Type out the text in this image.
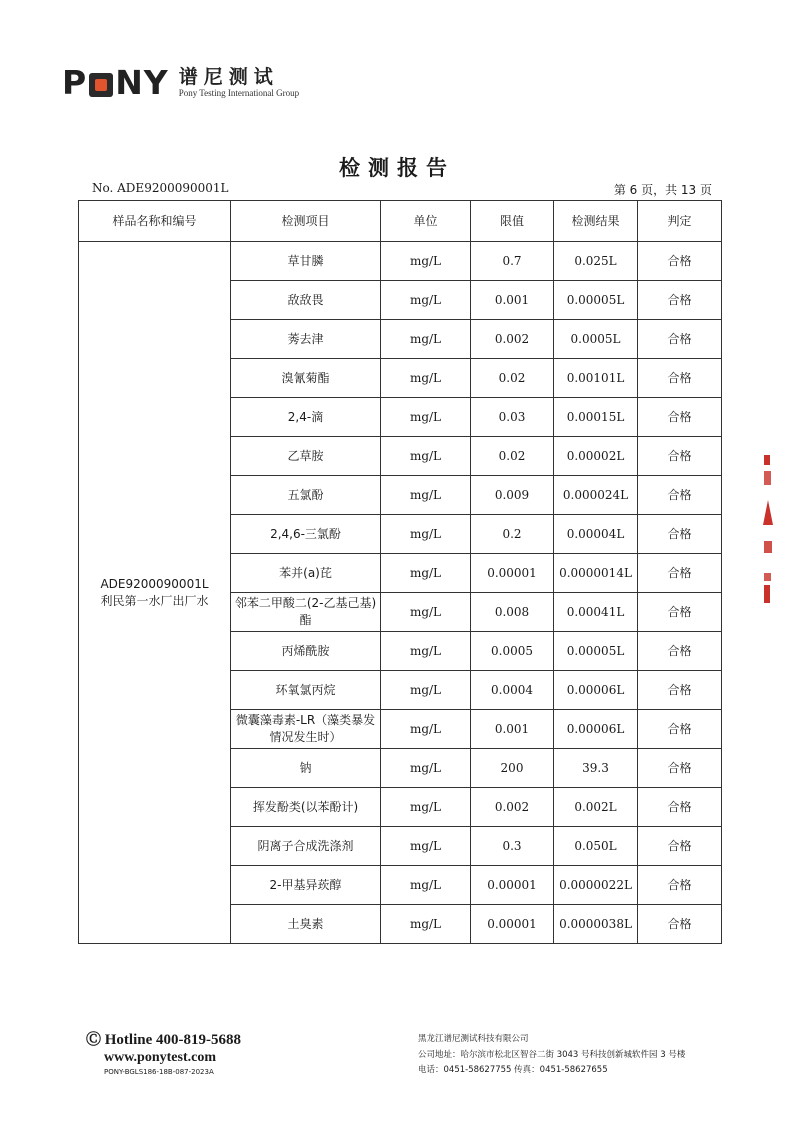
P NY 谱尼测试
Pony Testing International Group
检测报告
No. ADE9200090001L	第 6 页，共 13 页
样品名称和编号	检测项目	单位	限值	检测结果	判定

ADE9200090001L
利民第一水厂出厂水	草甘膦	mg/L	0.7	0.025L	合格
	敌敌畏	mg/L	0.001	0.00005L	合格
	莠去津	mg/L	0.002	0.0005L	合格
	溴氰菊酯	mg/L	0.02	0.00101L	合格
	2,4-滴	mg/L	0.03	0.00015L	合格
	乙草胺	mg/L	0.02	0.00002L	合格
	五氯酚	mg/L	0.009	0.000024L	合格
	2,4,6-三氯酚	mg/L	0.2	0.00004L	合格
	苯并(a)芘	mg/L	0.00001	0.0000014L	合格
	邻苯二甲酸二(2-乙基己基)酯	mg/L	0.008	0.00041L	合格
	丙烯酰胺	mg/L	0.0005	0.00005L	合格
	环氧氯丙烷	mg/L	0.0004	0.00006L	合格
	微囊藻毒素-LR（藻类暴发情况发生时）	mg/L	0.001	0.00006L	合格
	钠	mg/L	200	39.3	合格
	挥发酚类(以苯酚计)	mg/L	0.002	0.002L	合格
	阴离子合成洗涤剂	mg/L	0.3	0.050L	合格
	2-甲基异莰醇	mg/L	0.00001	0.0000022L	合格
	土臭素	mg/L	0.00001	0.0000038L	合格
Ⓒ Hotline 400-819-5688
www.ponytest.com
PONY-BGLS186-18B-087-2023A
黑龙江谱尼测试科技有限公司
公司地址：哈尔滨市松北区智谷二街 3043 号科技创新城软件园 3 号楼
电话：0451-58627755 传真：0451-58627655
